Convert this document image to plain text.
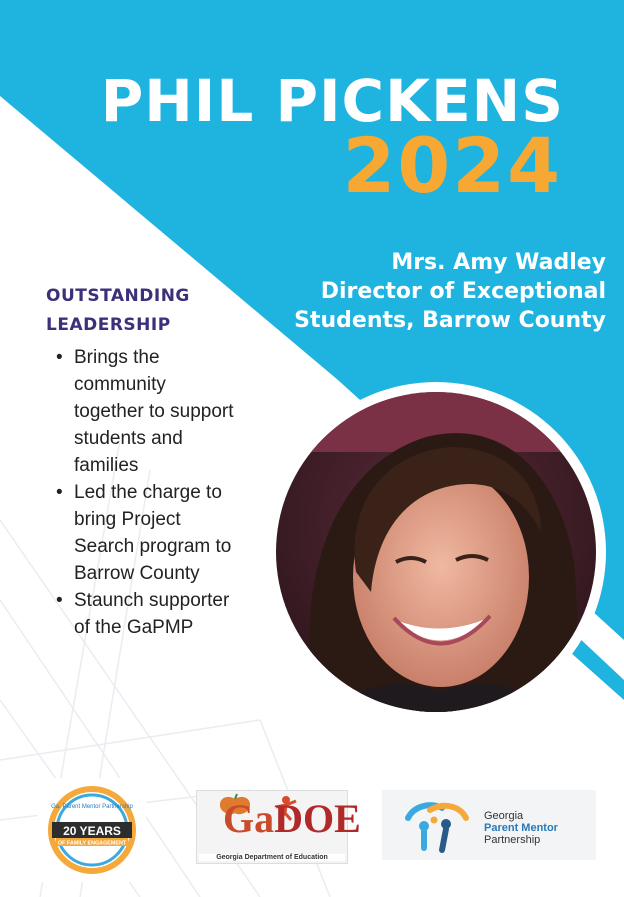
PHIL PICKENS
2024
Mrs. Amy Wadley
Director of Exceptional
Students, Barrow County
OUTSTANDING
LEADERSHIP
• Brings the community together to support students and families
• Led the charge to bring Project Search program to Barrow County
• Staunch supporter of the GaPMP
Ga. Parent Mentor Partnership
20 YEARS
OF FAMILY ENGAGEMENT
GaDOE
Georgia Department of Education
Georgia
Parent Mentor
Partnership
